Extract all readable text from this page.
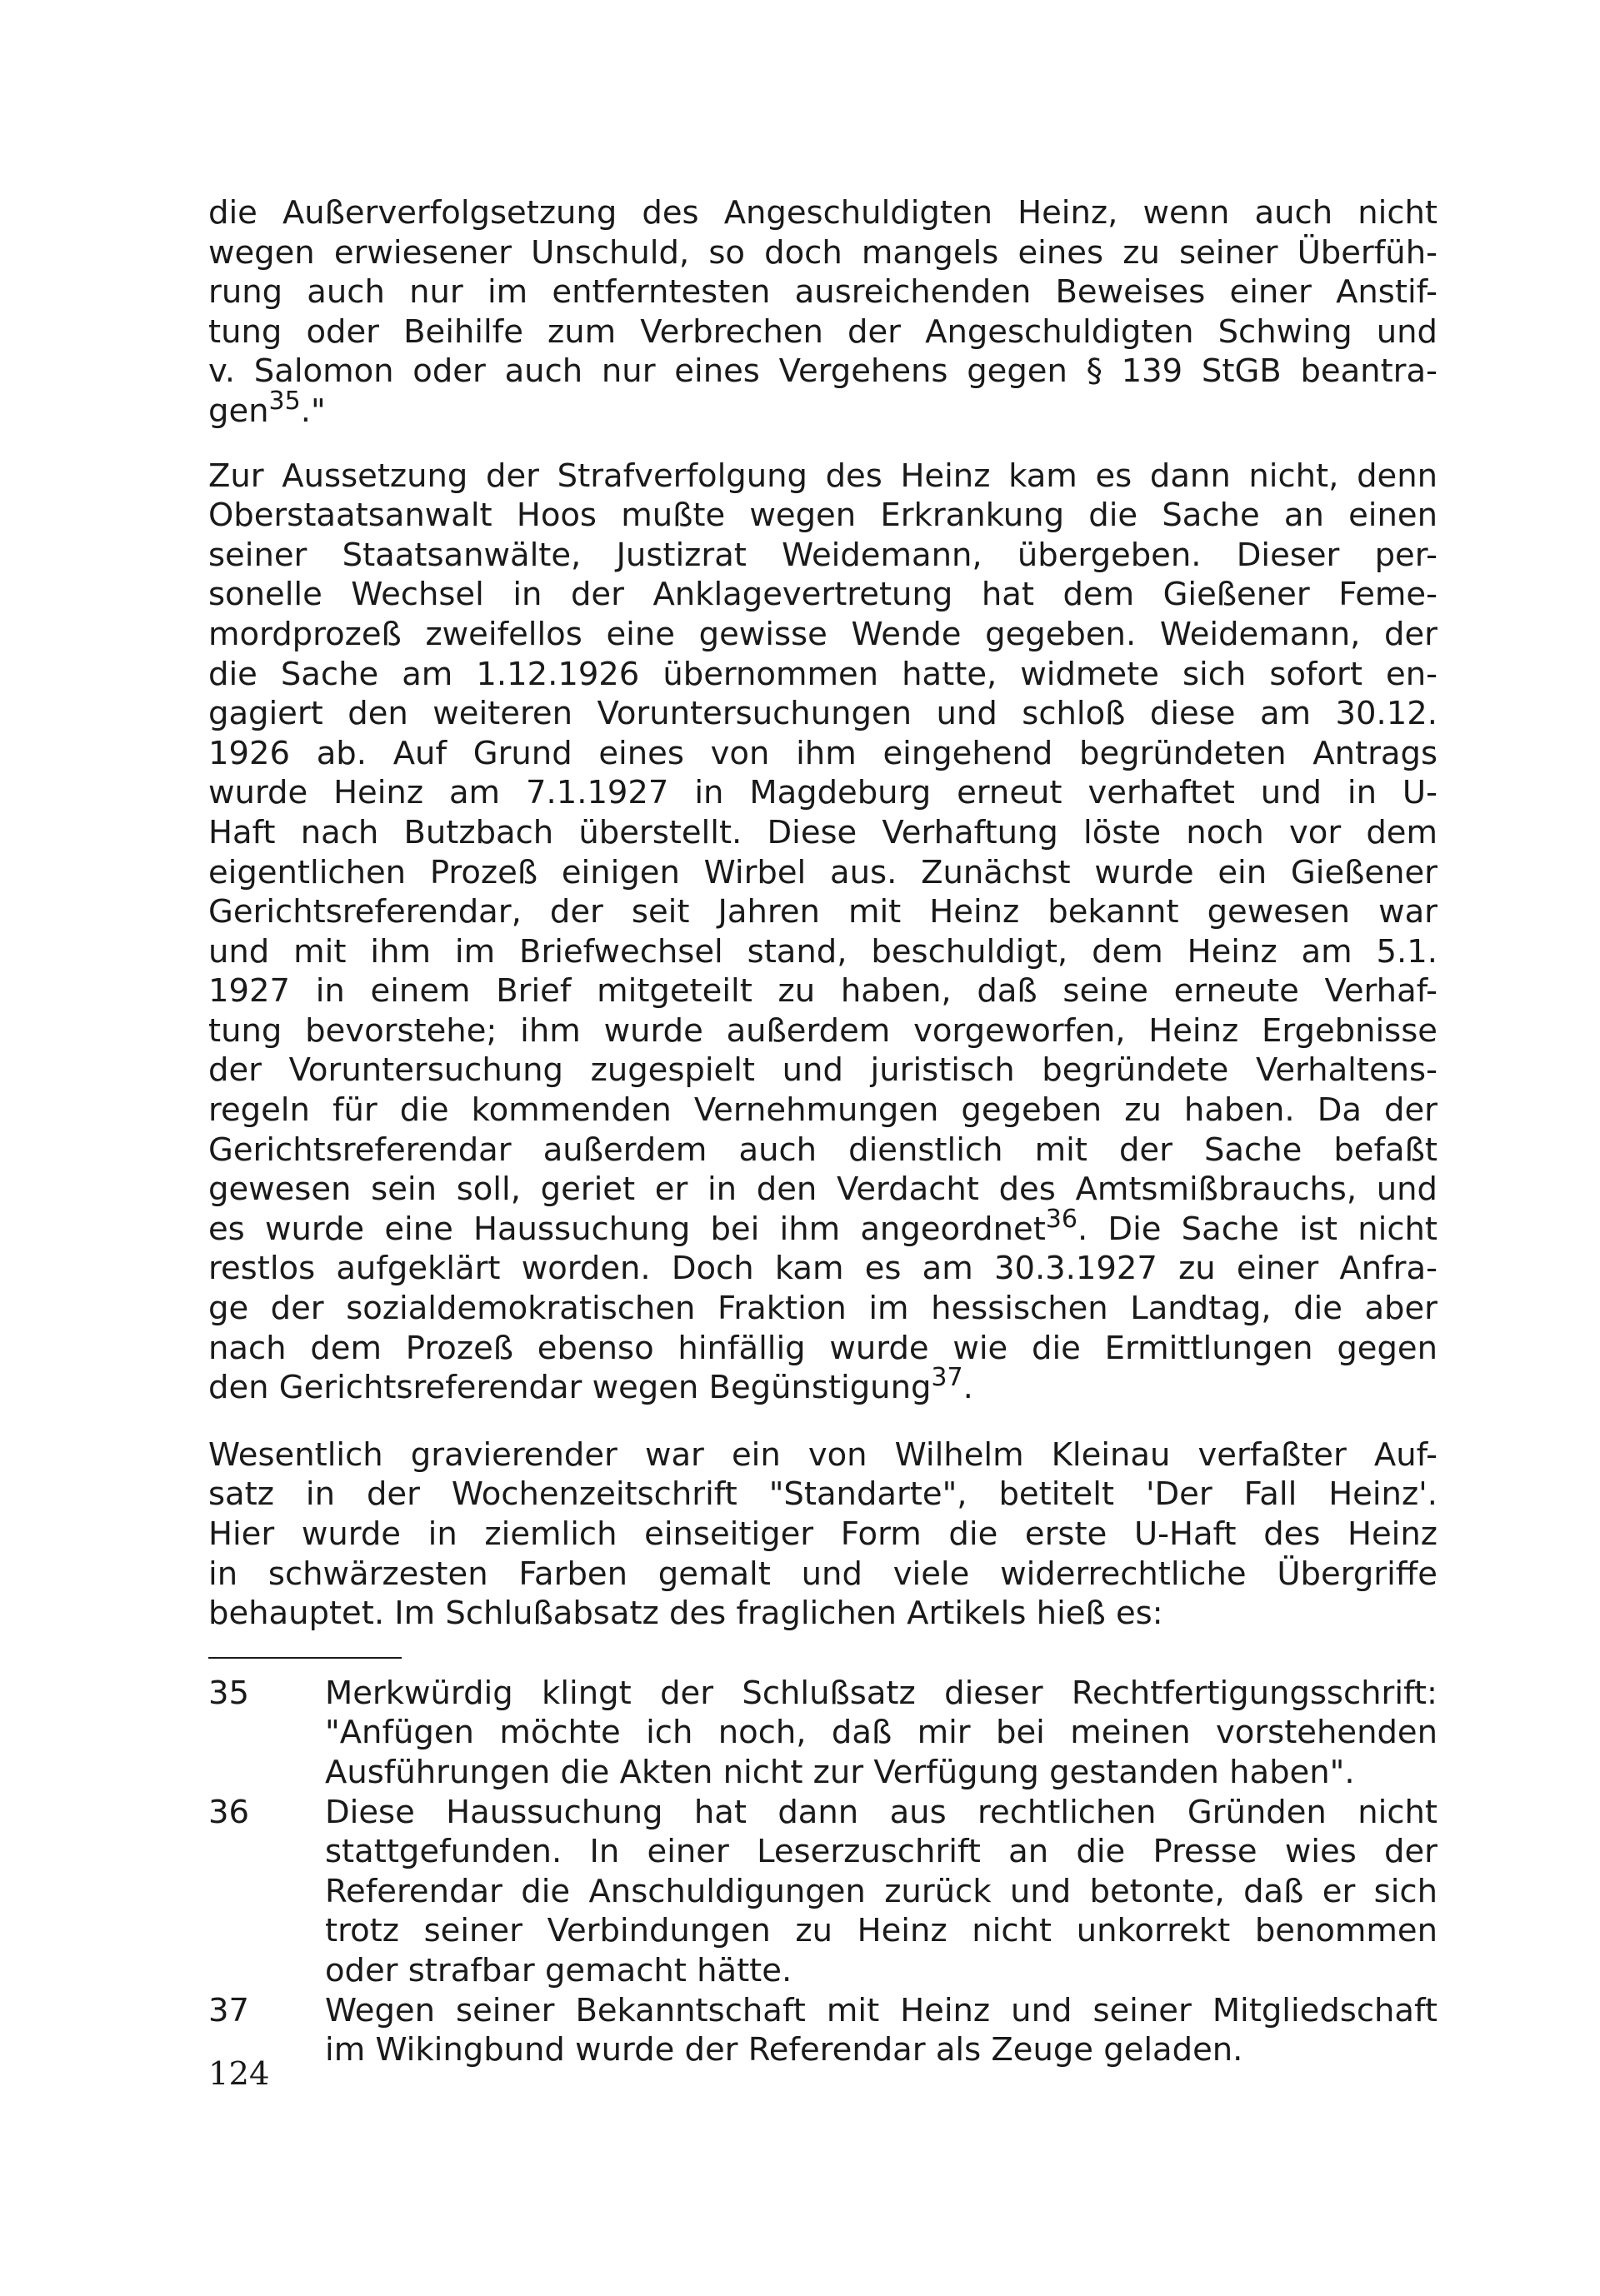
die Außerverfolgsetzung des Angeschuldigten Heinz, wenn auch nicht
wegen erwiesener Unschuld, so doch mangels eines zu seiner Überfüh-
rung auch nur im entferntesten ausreichenden Beweises einer Anstif-
tung oder Beihilfe zum Verbrechen der Angeschuldigten Schwing und
v. Salomon oder auch nur eines Vergehens gegen § 139 StGB beantra-
gen$^{35}$."
Zur Aussetzung der Strafverfolgung des Heinz kam es dann nicht, denn
Oberstaatsanwalt Hoos mußte wegen Erkrankung die Sache an einen
seiner Staatsanwälte, Justizrat Weidemann, übergeben. Dieser per-
sonelle Wechsel in der Anklagevertretung hat dem Gießener Feme-
mordprozeß zweifellos eine gewisse Wende gegeben. Weidemann, der
die Sache am 1.12.1926 übernommen hatte, widmete sich sofort en-
gagiert den weiteren Voruntersuchungen und schloß diese am 30.12.
1926 ab. Auf Grund eines von ihm eingehend begründeten Antrags
wurde Heinz am 7.1.1927 in Magdeburg erneut verhaftet und in U-
Haft nach Butzbach überstellt. Diese Verhaftung löste noch vor dem
eigentlichen Prozeß einigen Wirbel aus. Zunächst wurde ein Gießener
Gerichtsreferendar, der seit Jahren mit Heinz bekannt gewesen war
und mit ihm im Briefwechsel stand, beschuldigt, dem Heinz am 5.1.
1927 in einem Brief mitgeteilt zu haben, daß seine erneute Verhaf-
tung bevorstehe; ihm wurde außerdem vorgeworfen, Heinz Ergebnisse
der Voruntersuchung zugespielt und juristisch begründete Verhaltens-
regeln für die kommenden Vernehmungen gegeben zu haben. Da der
Gerichtsreferendar außerdem auch dienstlich mit der Sache befaßt
gewesen sein soll, geriet er in den Verdacht des Amtsmißbrauchs, und
es wurde eine Haussuchung bei ihm angeordnet$^{36}$. Die Sache ist nicht
restlos aufgeklärt worden. Doch kam es am 30.3.1927 zu einer Anfra-
ge der sozialdemokratischen Fraktion im hessischen Landtag, die aber
nach dem Prozeß ebenso hinfällig wurde wie die Ermittlungen gegen
den Gerichtsreferendar wegen Begünstigung$^{37}$.
Wesentlich gravierender war ein von Wilhelm Kleinau verfaßter Auf-
satz in der Wochenzeitschrift "Standarte", betitelt 'Der Fall Heinz'.
Hier wurde in ziemlich einseitiger Form die erste U-Haft des Heinz
in schwärzesten Farben gemalt und viele widerrechtliche Übergriffe
behauptet. Im Schlußabsatz des fraglichen Artikels hieß es:
35	Merkwürdig klingt der Schlußsatz dieser Rechtfertigungsschrift:
"Anfügen möchte ich noch, daß mir bei meinen vorstehenden
Ausführungen die Akten nicht zur Verfügung gestanden haben".
36	Diese Haussuchung hat dann aus rechtlichen Gründen nicht
stattgefunden. In einer Leserzuschrift an die Presse wies der
Referendar die Anschuldigungen zurück und betonte, daß er sich
trotz seiner Verbindungen zu Heinz nicht unkorrekt benommen
oder strafbar gemacht hätte.
37	Wegen seiner Bekanntschaft mit Heinz und seiner Mitgliedschaft
im Wikingbund wurde der Referendar als Zeuge geladen.
124
